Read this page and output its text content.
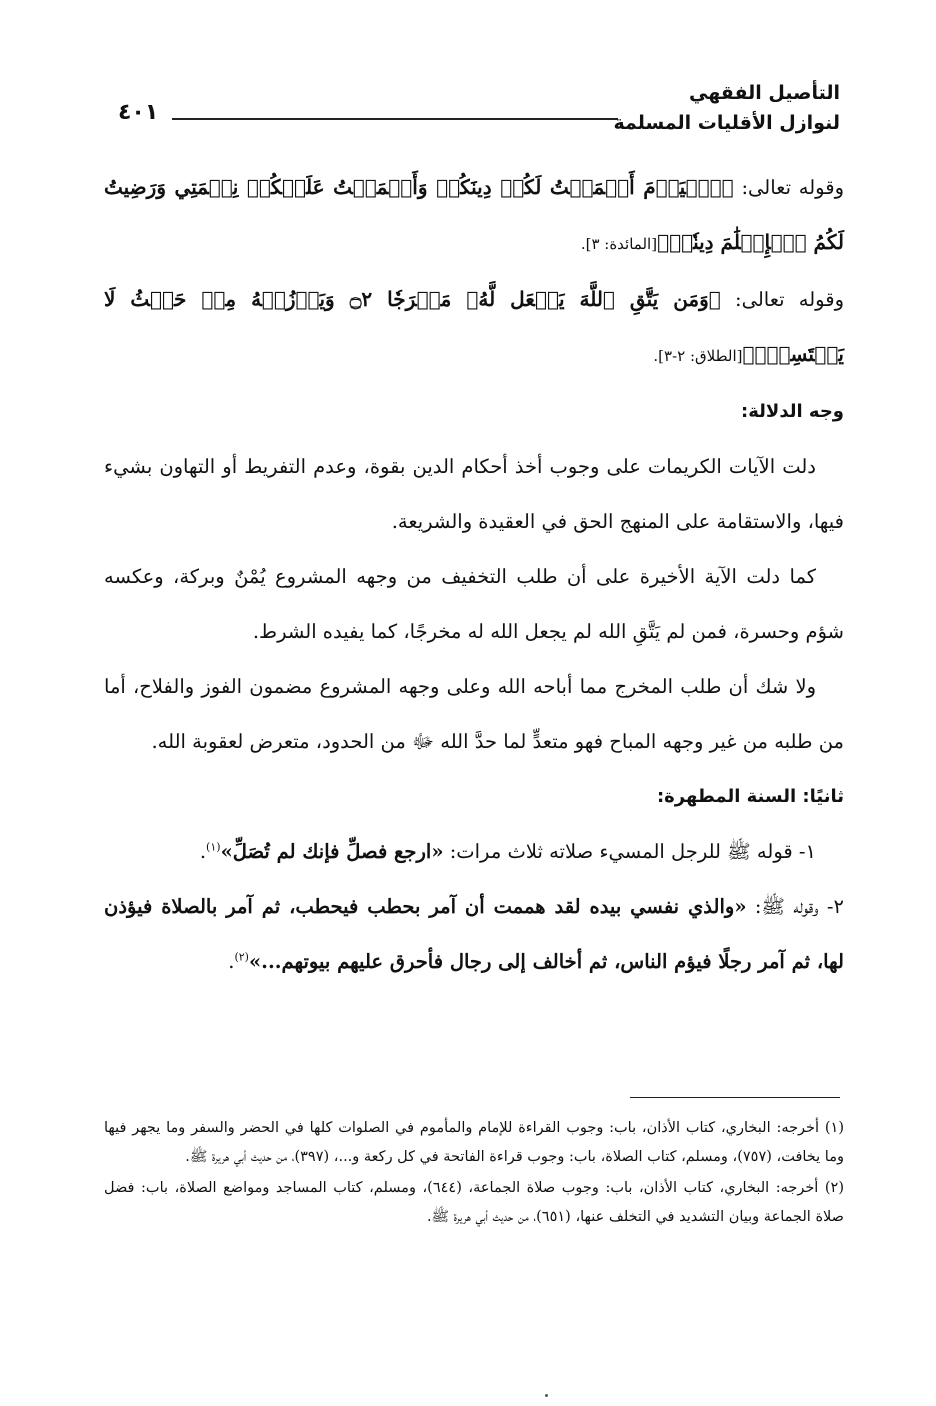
التأصيل الفقهي
لنوازل الأقليات المسلمة
٤٠١

وقوله تعالى: ﴿ٱلۡيَوۡمَ أَكۡمَلۡتُ لَكُمۡ دِينَكُمۡ وَأَتۡمَمۡتُ عَلَيۡكُمۡ نِعۡمَتِي وَرَضِيتُ لَكُمُ ٱلۡإِسۡلَٰمَ دِينٗاۚ﴾[المائدة: ٣].

وقوله تعالى: ﴿وَمَن يَتَّقِ ٱللَّهَ يَجۡعَل لَّهُۥ مَخۡرَجٗا ۝٢ وَيَرۡزُقۡهُ مِنۡ حَيۡثُ لَا يَحۡتَسِبُۚ﴾[الطلاق: ٢-٣].

وجه الدلالة:

دلت الآيات الكريمات على وجوب أخذ أحكام الدين بقوة، وعدم التفريط أو التهاون بشيء فيها، والاستقامة على المنهج الحق في العقيدة والشريعة.

كما دلت الآية الأخيرة على أن طلب التخفيف من وجهه المشروع يُمْنٌ وبركة، وعكسه شؤم وحسرة، فمن لم يَتَّقِ الله لم يجعل الله له مخرجًا، كما يفيده الشرط.

ولا شك أن طلب المخرج مما أباحه الله وعلى وجهه المشروع مضمون الفوز والفلاح، أما من طلبه من غير وجهه المباح فهو متعدٍّ لما حدَّ الله ﷻ من الحدود، متعرض لعقوبة الله.

ثانيًا: السنة المطهرة:

١- قوله ﷺ للرجل المسيء صلاته ثلاث مرات: «ارجع فصلِّ فإنك لم تُصَلِّ»$^{(١)}$.

٢- وقوله ﷺ: «والذي نفسي بيده لقد هممت أن آمر بحطب فيحطب، ثم آمر بالصلاة فيؤذن لها، ثم آمر رجلًا فيؤم الناس، ثم أخالف إلى رجال فأحرق عليهم بيوتهم...»$^{(٢)}$.

(١) أخرجه: البخاري، كتاب الأذان، باب: وجوب القراءة للإمام والمأموم في الصلوات كلها في الحضر والسفر وما يجهر فيها وما يخافت، (٧٥٧)، ومسلم، كتاب الصلاة، باب: وجوب قراءة الفاتحة في كل ركعة و...، (٣٩٧)، من حديث أبي هريرة ﷺ.

(٢) أخرجه: البخاري، كتاب الأذان، باب: وجوب صلاة الجماعة، (٦٤٤)، ومسلم، كتاب المساجد ومواضع الصلاة، باب: فضل صلاة الجماعة وبيان التشديد في التخلف عنها، (٦٥١)، من حديث أبي هريرة ﷺ.
